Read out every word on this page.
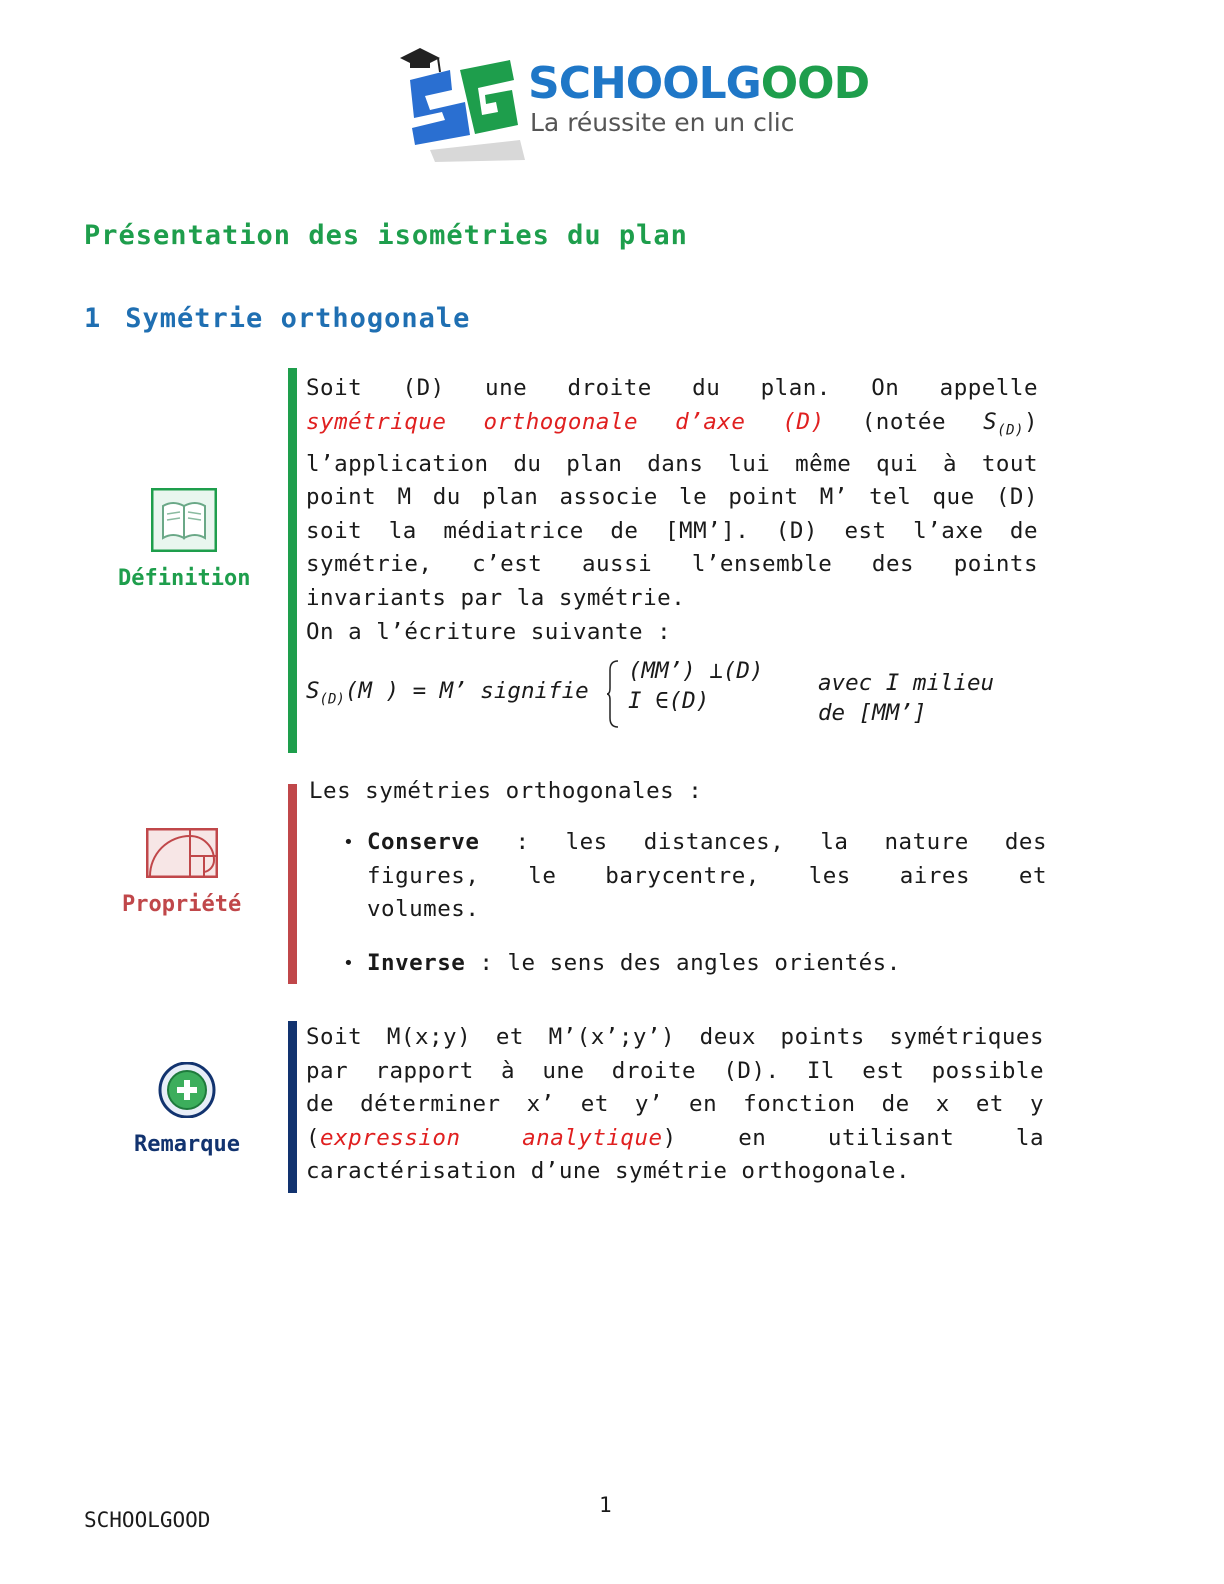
SCHOOLGOOD
La réussite en un clic
Présentation des isométries du plan
1 Symétrie orthogonale
Définition
Soit (D) une droite du plan. On appelle
symétrique orthogonale d’axe (D) (notée $S_{(D)}$)
l’application du plan dans lui même qui à tout
point M du plan associe le point M’ tel que (D)
soit la médiatrice de [MM’]. (D) est l’axe de
symétrie, c’est aussi l’ensemble des points
invariants par la symétrie.
On a l’écriture suivante :
$S_{(D)}(M$ ) = M’ signifie
(MM’) ⊥(D)
I ∈(D)
avec I milieu
de [MM’]
Propriété
Les symétries orthogonales :
• Conserve : les distances, la nature des
figures, le barycentre, les aires et
volumes.
• Inverse : le sens des angles orientés.
Remarque
Soit M(x;y) et M’(x’;y’) deux points symétriques
par rapport à une droite (D). Il est possible
de déterminer x’ et y’ en fonction de x et y
(expression	analytique) en utilisant la
caractérisation d’une symétrie orthogonale.
1
SCHOOLGOOD
